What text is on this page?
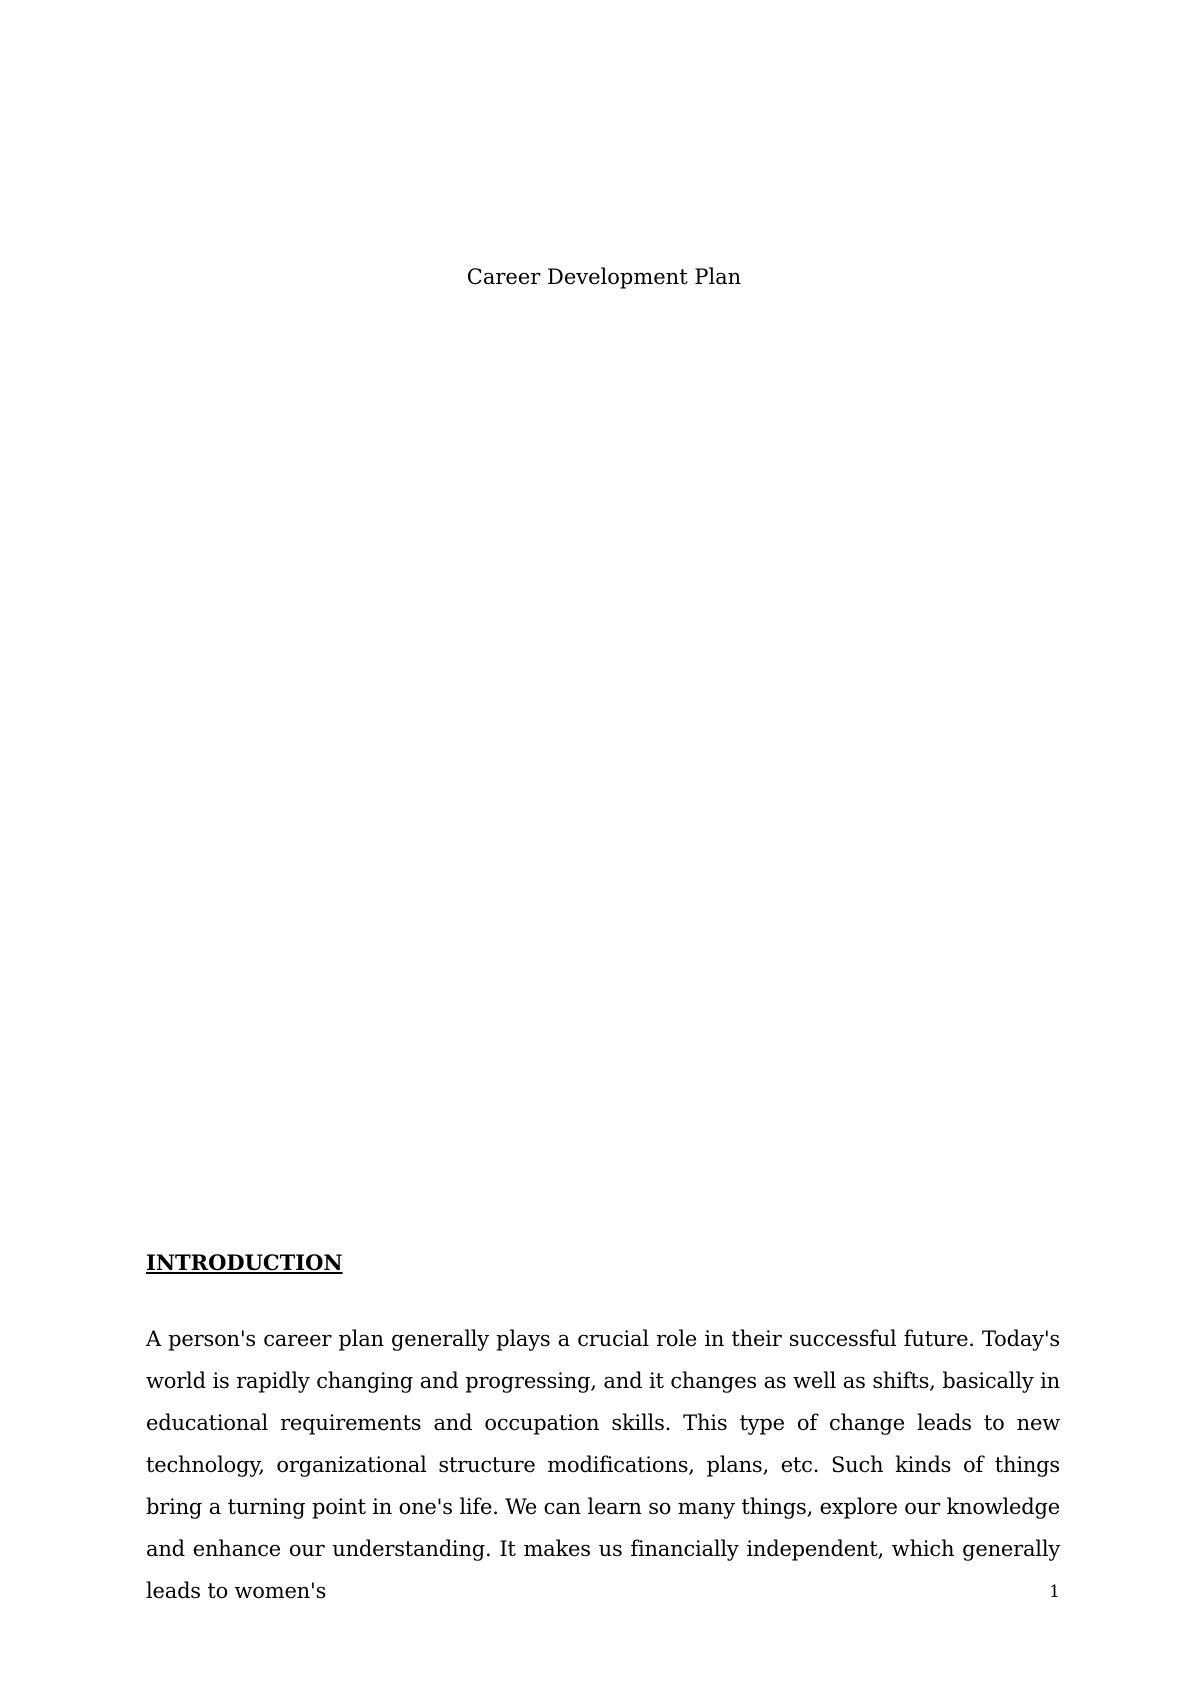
Career Development Plan
INTRODUCTION

A person's career plan generally plays a crucial role in their successful future. Today's world is rapidly changing and progressing, and it changes as well as shifts, basically in educational requirements and occupation skills. This type of change leads to new technology, organizational structure modifications, plans, etc. Such kinds of things bring a turning point in one's life. We can learn so many things, explore our knowledge and enhance our understanding. It makes us financially independent, which generally leads to women's	1
